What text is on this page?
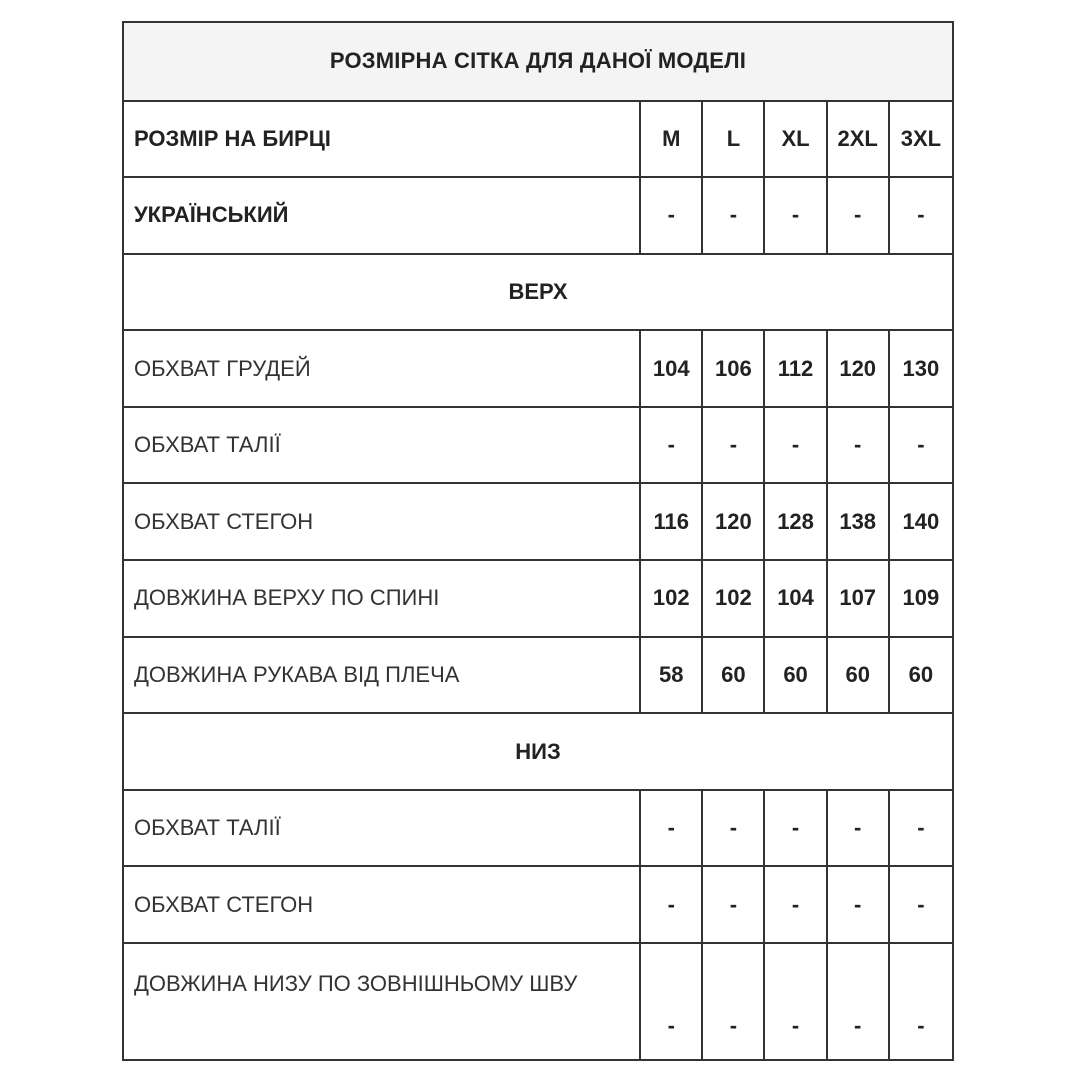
РОЗМІРНА СІТКА ДЛЯ ДАНОЇ МОДЕЛІ					
РОЗМІР НА БИРЦІ	M	L	XL	2XL	3XL
УКРАЇНСЬКИЙ	-	-	-	-	-
ВЕРХ					
ОБХВАТ ГРУДЕЙ	104	106	112	120	130
ОБХВАТ ТАЛІЇ	-	-	-	-	-
ОБХВАТ СТЕГОН	116	120	128	138	140
ДОВЖИНА ВЕРХУ ПО СПИНІ	102	102	104	107	109
ДОВЖИНА РУКАВА ВІД ПЛЕЧА	58	60	60	60	60
НИЗ					
ОБХВАТ ТАЛІЇ	-	-	-	-	-
ОБХВАТ СТЕГОН	-	-	-	-	-
ДОВЖИНА НИЗУ ПО ЗОВНІШНЬОМУ ШВУ	-	-	-	-	-
